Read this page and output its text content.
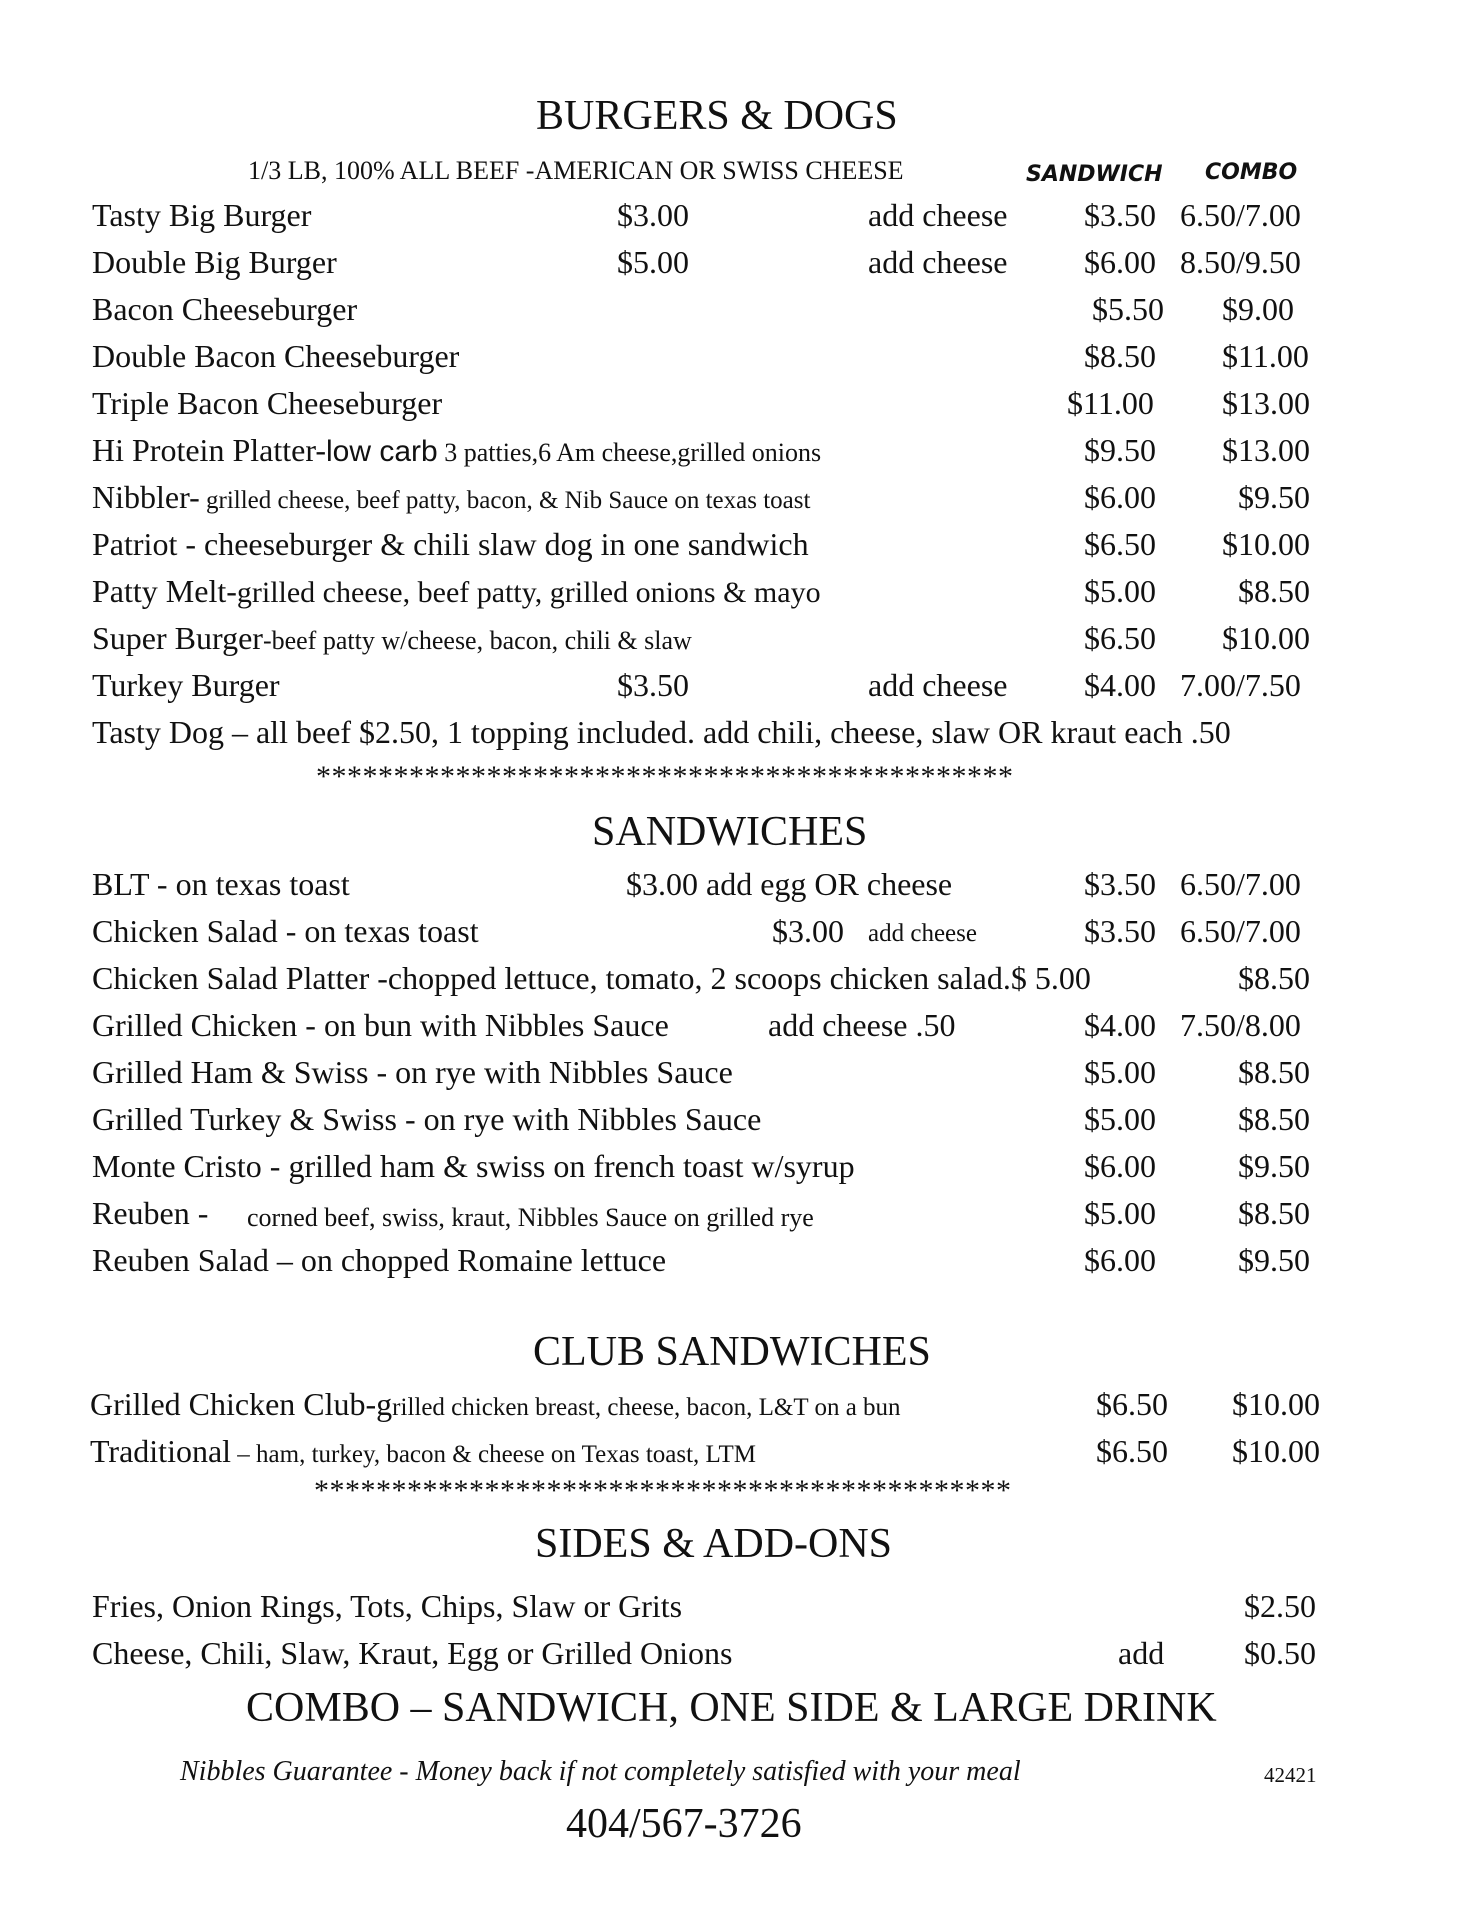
BURGERS & DOGS
1/3 LB, 100% ALL BEEF -AMERICAN OR SWISS CHEESE	SANDWICH COMBO
Tasty Big Burger	$3.00	add cheese $3.50 6.50/7.00
Double Big Burger	$5.00	add cheese $6.00 8.50/9.50
Bacon Cheeseburger	$5.50 $9.00
Double Bacon Cheeseburger	$8.50 $11.00
Triple Bacon Cheeseburger	$11.00 $13.00
Hi Protein Platter-low carb 3 patties,6 Am cheese,grilled onions	$9.50 $13.00
Nibbler- grilled cheese, beef patty, bacon, & Nib Sauce on texas toast	$6.00	$9.50
Patriot - cheeseburger & chili slaw dog in one sandwich	$6.50 $10.00
Patty Melt-grilled cheese, beef patty, grilled onions & mayo	$5.00	$8.50
Super Burger-beef patty w/cheese, bacon, chili & slaw	$6.50 $10.00
Turkey Burger	$3.50	add cheese $4.00 7.00/7.50
Tasty Dog – all beef $2.50, 1 topping included. add chili, cheese, slaw OR kraut each .50
*********************************************
SANDWICHES
BLT - on texas toast	$3.00 add egg OR cheese	$3.50 6.50/7.00
Chicken Salad - on texas toast	$3.00 add cheese	$3.50 6.50/7.00
Chicken Salad Platter -chopped lettuce, tomato, 2 scoops chicken salad.$ 5.00	$8.50
Grilled Chicken - on bun with Nibbles Sauce	add cheese .50	$4.00 7.50/8.00
Grilled Ham & Swiss - on rye with Nibbles Sauce	$5.00	$8.50
Grilled Turkey & Swiss - on rye with Nibbles Sauce	$5.00	$8.50
Monte Cristo - grilled ham & swiss on french toast w/syrup	$6.00	$9.50
Reuben - corned beef, swiss, kraut, Nibbles Sauce on grilled rye	$5.00	$8.50
Reuben Salad – on chopped Romaine lettuce	$6.00	$9.50
CLUB SANDWICHES
Grilled Chicken Club-grilled chicken breast, cheese, bacon, L&T on a bun	$6.50 $10.00
Traditional – ham, turkey, bacon & cheese on Texas toast, LTM	$6.50 $10.00
*********************************************
SIDES & ADD-ONS
Fries, Onion Rings, Tots, Chips, Slaw or Grits	$2.50
Cheese, Chili, Slaw, Kraut, Egg or Grilled Onions	add $0.50
COMBO – SANDWICH, ONE SIDE & LARGE DRINK
Nibbles Guarantee - Money back if not completely satisfied with your meal	42421
404/567-3726
